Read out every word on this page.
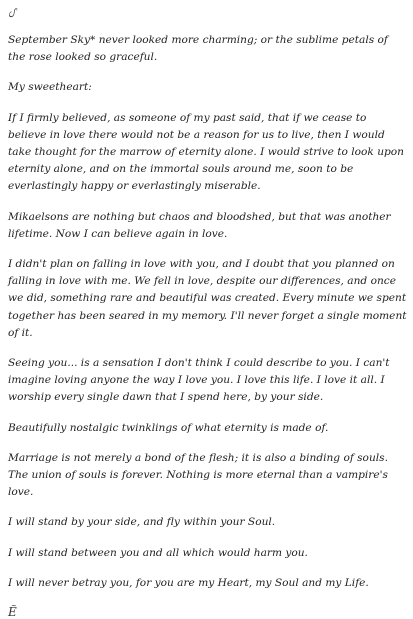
ᦔ

September Sky* never looked more charming; or the sublime petals of the rose looked so graceful.

My sweetheart:

If I firmly believed, as someone of my past said, that if we cease to believe in love there would not be a reason for us to live, then I would take thought for the marrow of eternity alone. I would strive to look upon eternity alone, and on the immortal souls around me, soon to be everlastingly happy or everlastingly miserable.

Mikaelsons are nothing but chaos and bloodshed, but that was another lifetime. Now I can believe again in love.

I didn't plan on falling in love with you, and I doubt that you planned on falling in love with me. We fell in love, despite our differences, and once we did, something rare and beautiful was created. Every minute we spent together has been seared in my memory. I'll never forget a single moment of it.

Seeing you... is a sensation I don't think I could describe to you. I can't imagine loving anyone the way I love you. I love this life. I love it all. I worship every single dawn that I spend here, by your side.

Beautifully nostalgic twinklings of what eternity is made of.

Marriage is not merely a bond of the flesh; it is also a binding of souls. The union of souls is forever. Nothing is more eternal than a vampire's love.

I will stand by your side, and fly within your Soul.

I will stand between you and all which would harm you.

I will never betray you, for you are my Heart, my Soul and my Life.

Ẽ
